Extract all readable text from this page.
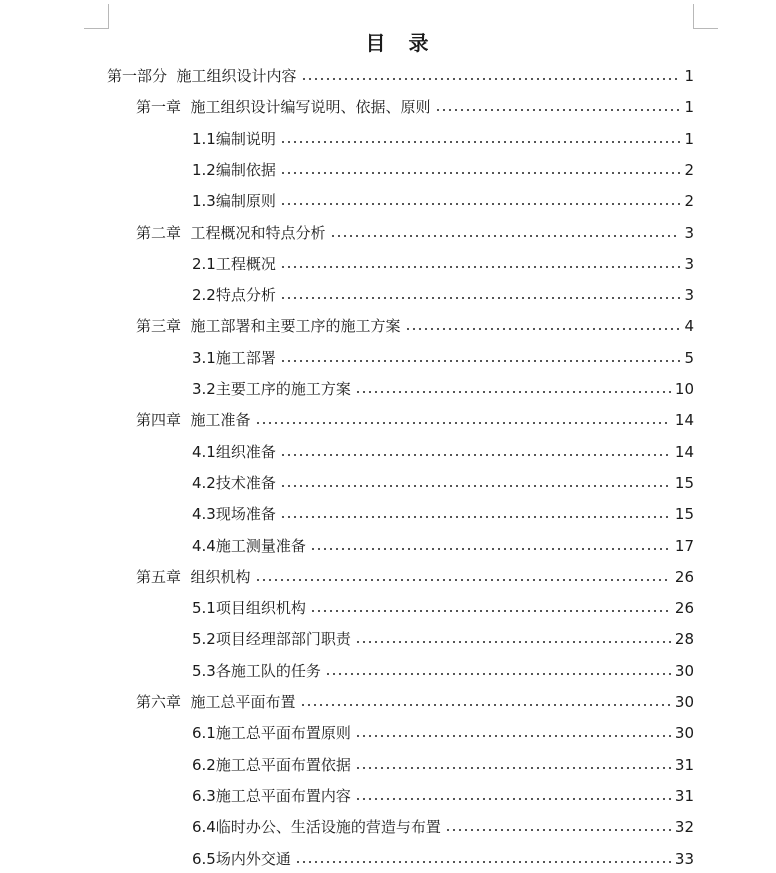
目 录
第一部分  施工组织设计内容	1
第一章  施工组织设计编写说明、依据、原则	1
1.1编制说明	1
1.2编制依据	2
1.3编制原则	2
第二章  工程概况和特点分析	3
2.1工程概况	3
2.2特点分析	3
第三章  施工部署和主要工序的施工方案	4
3.1施工部署	5
3.2主要工序的施工方案	10
第四章  施工准备	14
4.1组织准备	14
4.2技术准备	15
4.3现场准备	15
4.4施工测量准备	17
第五章  组织机构	26
5.1项目组织机构	26
5.2项目经理部部门职责	28
5.3各施工队的任务	30
第六章  施工总平面布置	30
6.1施工总平面布置原则	30
6.2施工总平面布置依据	31
6.3施工总平面布置内容	31
6.4临时办公、生活设施的营造与布置	32
6.5场内外交通	33
